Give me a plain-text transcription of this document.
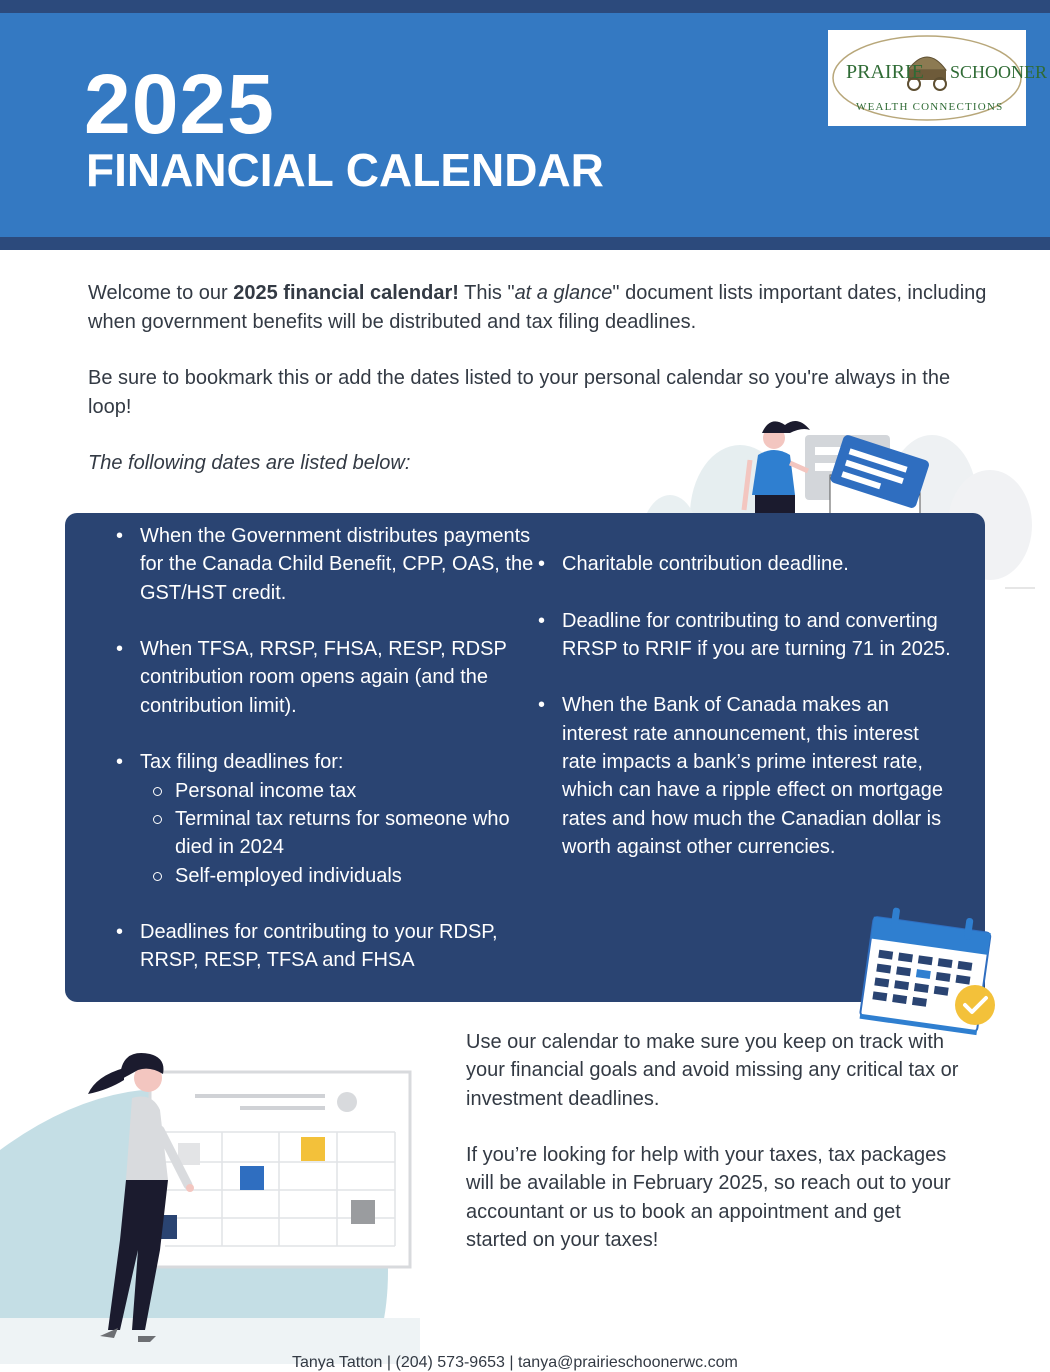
2025
FINANCIAL CALENDAR
PRAIRIE SCHOONER
WEALTH CONNECTIONS

Welcome to our 2025 financial calendar! This "at a glance" document lists important dates, including when government benefits will be distributed and tax filing deadlines.

Be sure to bookmark this or add the dates listed to your personal calendar so you're always in the loop!

The following dates are listed below:

• When the Government distributes payments for the Canada Child Benefit, CPP, OAS, the GST/HST credit.
• When TFSA, RRSP, FHSA, RESP, RDSP contribution room opens again (and the contribution limit).
• Tax filing deadlines for:
Personal income tax
Terminal tax returns for someone who died in 2024
Self-employed individuals
• Deadlines for contributing to your RDSP, RRSP, RESP, TFSA and FHSA
• Charitable contribution deadline.
• Deadline for contributing to and converting RRSP to RRIF if you are turning 71 in 2025.
• When the Bank of Canada makes an interest rate announcement, this interest rate impacts a bank’s prime interest rate, which can have a ripple effect on mortgage rates and how much the Canadian dollar is worth against other currencies.

Use our calendar to make sure you keep on track with your financial goals and avoid missing any critical tax or investment deadlines.

If you’re looking for help with your taxes, tax packages will be available in February 2025, so reach out to your accountant or us to book an appointment and get started on your taxes!

Tanya Tatton | (204) 573-9653 | tanya@prairieschoonerwc.com
